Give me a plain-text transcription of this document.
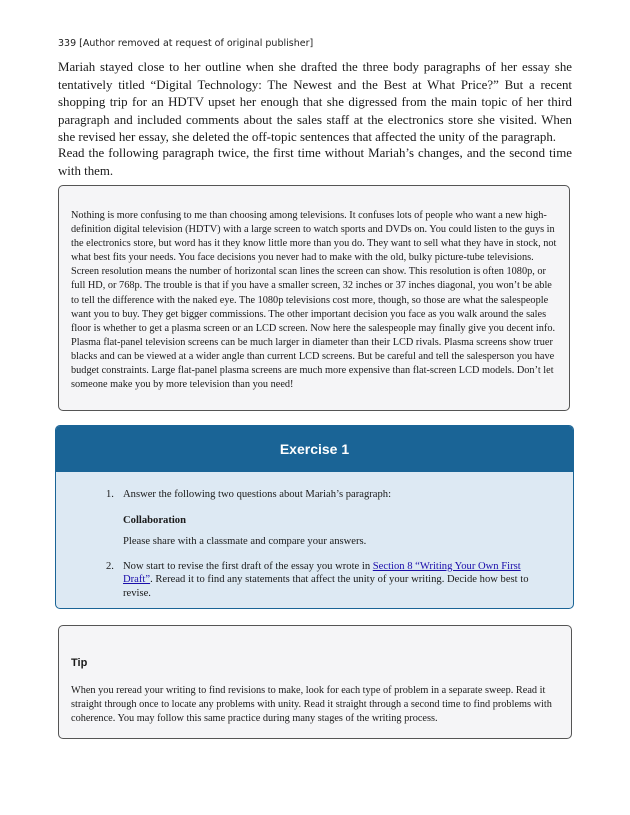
339 [Author removed at request of original publisher]

Mariah stayed close to her outline when she drafted the three body paragraphs of her essay she tentatively titled “Digital Technology: The Newest and the Best at What Price?” But a recent shopping trip for an HDTV upset her enough that she digressed from the main topic of her third paragraph and included comments about the sales staff at the electronics store she visited. When she revised her essay, she deleted the off-topic sentences that affected the unity of the paragraph.

Read the following paragraph twice, the first time without Mariah’s changes, and the second time with them.

Nothing is more confusing to me than choosing among televisions. It confuses lots of people who want a new high-definition digital television (HDTV) with a large screen to watch sports and DVDs on. You could listen to the guys in the electronics store, but word has it they know little more than you do. They want to sell what they have in stock, not what best fits your needs. You face decisions you never had to make with the old, bulky picture-tube televisions. Screen resolution means the number of horizontal scan lines the screen can show. This resolution is often 1080p, or full HD, or 768p. The trouble is that if you have a smaller screen, 32 inches or 37 inches diagonal, you won’t be able to tell the difference with the naked eye. The 1080p televisions cost more, though, so those are what the salespeople want you to buy. They get bigger commissions. The other important decision you face as you walk around the sales floor is whether to get a plasma screen or an LCD screen. Now here the salespeople may finally give you decent info. Plasma flat-panel television screens can be much larger in diameter than their LCD rivals. Plasma screens show truer blacks and can be viewed at a wider angle than current LCD screens. But be careful and tell the salesperson you have budget constraints. Large flat-panel plasma screens are much more expensive than flat-screen LCD models. Don’t let someone make you by more television than you need!

Exercise 1
1. Answer the following two questions about Mariah’s paragraph:
Collaboration
Please share with a classmate and compare your answers.
2. Now start to revise the first draft of the essay you wrote in Section 8 “Writing Your Own First Draft”. Reread it to find any statements that affect the unity of your writing. Decide how best to revise.
Tip

When you reread your writing to find revisions to make, look for each type of problem in a separate sweep. Read it straight through once to locate any problems with unity. Read it straight through a second time to find problems with coherence. You may follow this same practice during many stages of the writing process.
